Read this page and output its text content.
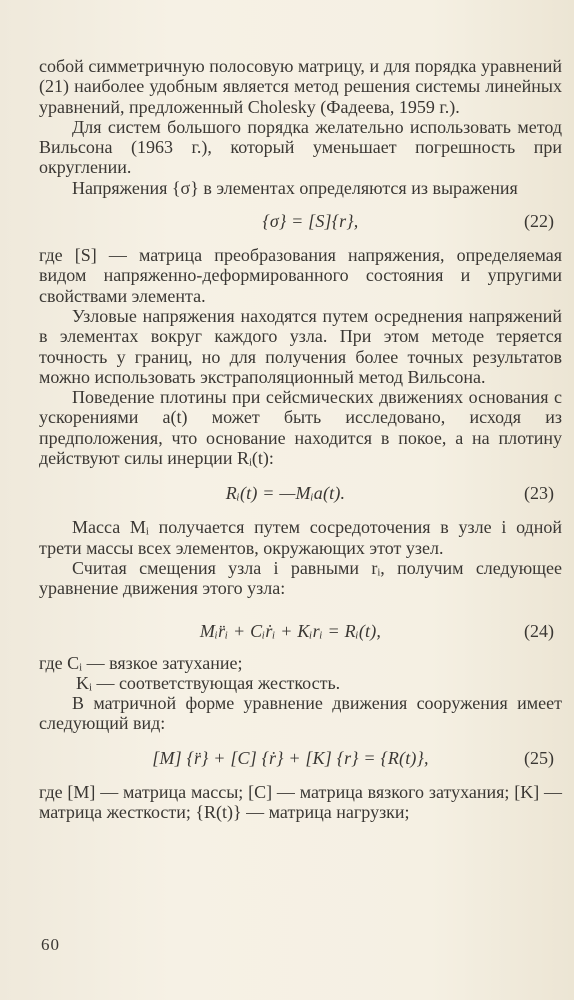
собой симметричную полосовую матрицу, и для порядка уравнений (21) наиболее удобным является метод решения системы линейных уравнений, предложенный Cholesky (Фадеева, 1959 г.).

Для систем большого порядка желательно использовать метод Вильсона (1963 г.), который уменьшает погрешность при округлении.

Напряжения {σ} в элементах определяются из выражения

{σ} = [S]{r},	(22)

где [S] — матрица преобразования напряжения, определяемая видом напряженно-деформированного состояния и упругими свойствами элемента.

Узловые напряжения находятся путем осреднения напряжений в элементах вокруг каждого узла. При этом методе теряется точность у границ, но для получения более точных результатов можно использовать экстраполяционный метод Вильсона.

Поведение плотины при сейсмических движениях основания с ускорениями a(t) может быть исследовано, исходя из предположения, что основание находится в покое, а на плотину действуют силы инерции Rᵢ(t):

Rᵢ(t) = —Mᵢa(t).	(23)

Масса Mᵢ получается путем сосредоточения в узле i одной трети массы всех элементов, окружающих этот узел.

Считая смещения узла i равными rᵢ, получим следующее уравнение движения этого узла:

Mᵢr̈ᵢ + Cᵢṙᵢ + Kᵢrᵢ = Rᵢ(t),	(24)

где Cᵢ — вязкое затухание;

Kᵢ — соответствующая жесткость.

В матричной форме уравнение движения сооружения имеет следующий вид:

[M] {r̈} + [C] {ṙ} + [K] {r} = {R(t)},	(25)

где [M] — матрица массы; [C] — матрица вязкого затухания; [K] — матрица жесткости; {R(t)} — матрица нагрузки;

60
